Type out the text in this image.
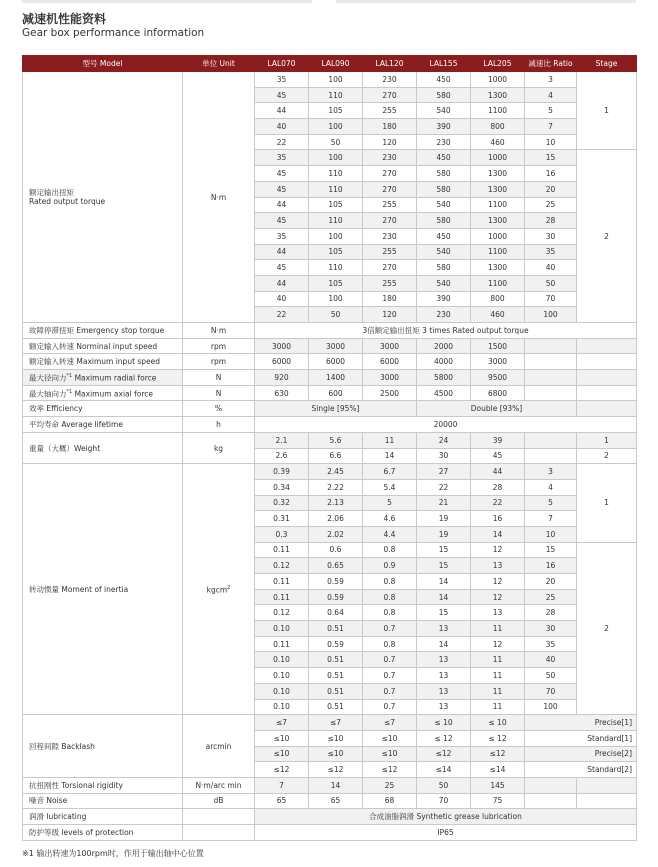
减速机性能资料
Gear box performance information
型号 Model	单位 Unit	LAL070	LAL090	LAL120	LAL155	LAL205	减速比 Ratio	Stage

额定输出扭矩
Rated output torque	N·m	35	100	230	450	1000	3	1
		45	110	270	580	1300	4	
		44	105	255	540	1100	5	
		40	100	180	390	800	7	
		22	50	120	230	460	10	
		35	100	230	450	1000	15	2
		45	110	270	580	1300	16	
		45	110	270	580	1300	20	
		44	105	255	540	1100	25	
		45	110	270	580	1300	28	
		35	100	230	450	1000	30	
		44	105	255	540	1100	35	
		45	110	270	580	1300	40	
		44	105	255	540	1100	50	
		40	100	180	390	800	70	
		22	50	120	230	460	100	
故障停滞扭矩 Emergency stop torque	N·m	3倍额定输出扭矩 3 times Rated output torque						
额定输入转速 Norminal input speed	rpm	3000	3000	3000	2000	1500		
额定输入转速 Maximum input speed	rpm	6000	6000	6000	4000	3000		
最大径向力$^{*1}$ Maximum radial force	N	920	1400	3000	5800	9500		
最大轴向力$^{*1}$ Maximum axial force	N	630	600	2500	4500	6800		
效率 Efficiency	%	Single [95%]			Double [93%]			
平均寿命 Average lifetime	h	20000						
重量（大概）Weight	kg	2.1	5.6	11	24	39		1
		2.6	6.6	14	30	45		2
转动惯量 Moment of inertia	kgcm$^2$	0.39	2.45	6.7	27	44	3	1
		0.34	2.22	5.4	22	28	4	
		0.32	2.13	5	21	22	5	
		0.31	2.06	4.6	19	16	7	
		0.3	2.02	4.4	19	14	10	
		0.11	0.6	0.8	15	12	15	2
		0.12	0.65	0.9	15	13	16	
		0.11	0.59	0.8	14	12	20	
		0.11	0.59	0.8	14	12	25	
		0.12	0.64	0.8	15	13	28	
		0.10	0.51	0.7	13	11	30	
		0.11	0.59	0.8	14	12	35	
		0.10	0.51	0.7	13	11	40	
		0.10	0.51	0.7	13	11	50	
		0.10	0.51	0.7	13	11	70	
		0.10	0.51	0.7	13	11	100	
回程间隙 Backlash	arcmin	≤7	≤7	≤7	≤ 10	≤ 10	Precise[1]	
		≤10	≤10	≤10	≤ 12	≤ 12	Standard[1]	
		≤10	≤10	≤10	≤12	≤12	Precise[2]	
		≤12	≤12	≤12	≤14	≤14	Standard[2]	
抗扭刚性 Torsional rigidity	N·m/arc min	7	14	25	50	145		
噪音 Noise	dB	65	65	68	70	75		
润滑 lubricating		合成油脂润滑 Synthetic grease lubrication						
防护等级 levels of protection		IP65						
※1 输出转速为100rpm时，作用于输出轴中心位置
